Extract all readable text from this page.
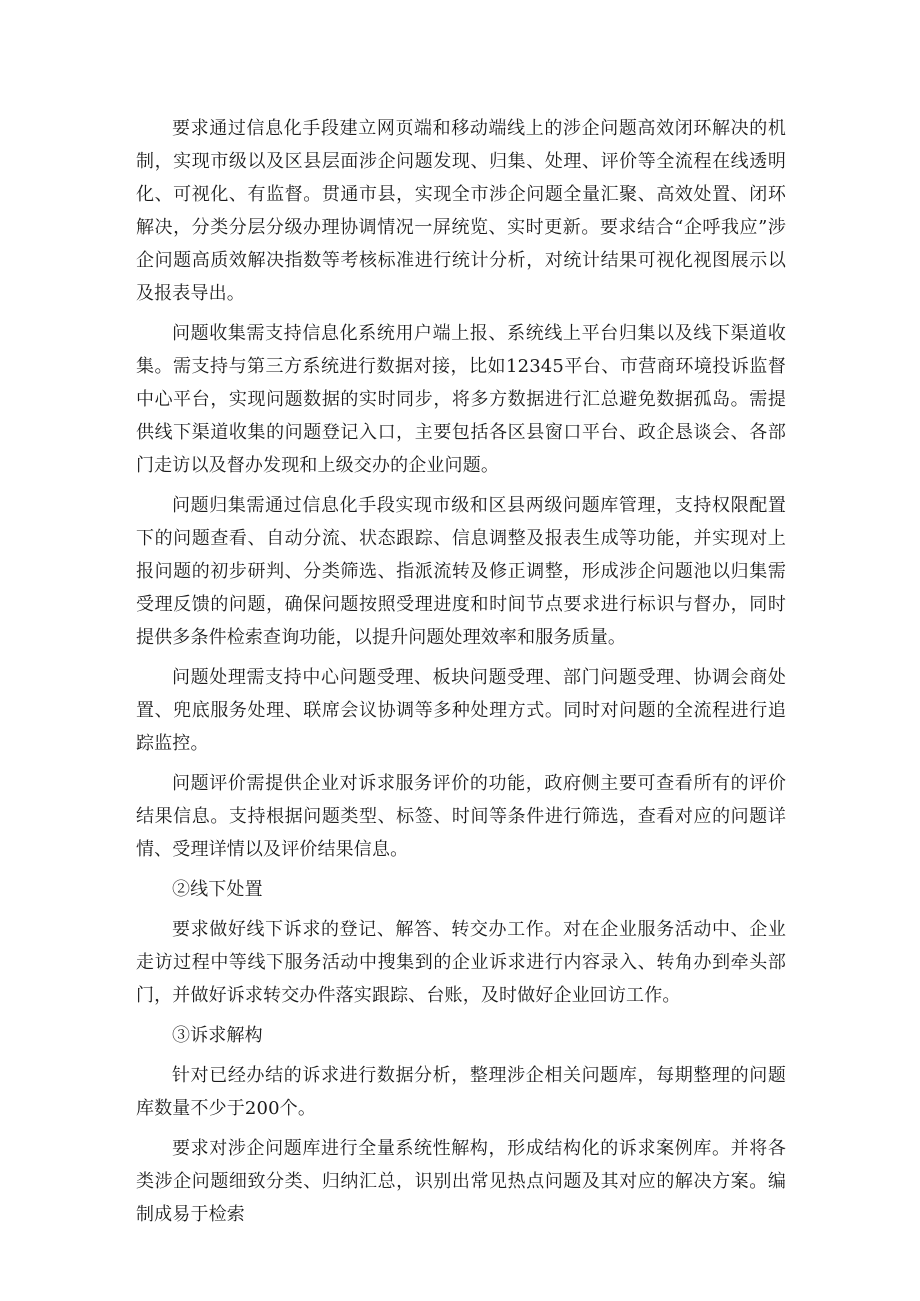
要求通过信息化手段建立网页端和移动端线上的涉企问题高效闭环解决的机制，实现市级以及区县层面涉企问题发现、归集、处理、评价等全流程在线透明化、可视化、有监督。贯通市县，实现全市涉企问题全量汇聚、高效处置、闭环解决，分类分层分级办理协调情况一屏统览、实时更新。要求结合“企呼我应”涉企问题高质效解决指数等考核标准进行统计分析，对统计结果可视化视图展示以及报表导出。

问题收集需支持信息化系统用户端上报、系统线上平台归集以及线下渠道收集。需支持与第三方系统进行数据对接，比如12345平台、市营商环境投诉监督中心平台，实现问题数据的实时同步，将多方数据进行汇总避免数据孤岛。需提供线下渠道收集的问题登记入口，主要包括各区县窗口平台、政企恳谈会、各部门走访以及督办发现和上级交办的企业问题。

问题归集需通过信息化手段实现市级和区县两级问题库管理，支持权限配置下的问题查看、自动分流、状态跟踪、信息调整及报表生成等功能，并实现对上报问题的初步研判、分类筛选、指派流转及修正调整，形成涉企问题池以归集需受理反馈的问题，确保问题按照受理进度和时间节点要求进行标识与督办，同时提供多条件检索查询功能，以提升问题处理效率和服务质量。

问题处理需支持中心问题受理、板块问题受理、部门问题受理、协调会商处置、兜底服务处理、联席会议协调等多种处理方式。同时对问题的全流程进行追踪监控。

问题评价需提供企业对诉求服务评价的功能，政府侧主要可查看所有的评价结果信息。支持根据问题类型、标签、时间等条件进行筛选，查看对应的问题详情、受理详情以及评价结果信息。

②线下处置

要求做好线下诉求的登记、解答、转交办工作。对在企业服务活动中、企业走访过程中等线下服务活动中搜集到的企业诉求进行内容录入、转角办到牵头部门，并做好诉求转交办件落实跟踪、台账，及时做好企业回访工作。

③诉求解构

针对已经办结的诉求进行数据分析，整理涉企相关问题库，每期整理的问题库数量不少于200个。

要求对涉企问题库进行全量系统性解构，形成结构化的诉求案例库。并将各类涉企问题细致分类、归纳汇总，识别出常见热点问题及其对应的解决方案。编制成易于检索
